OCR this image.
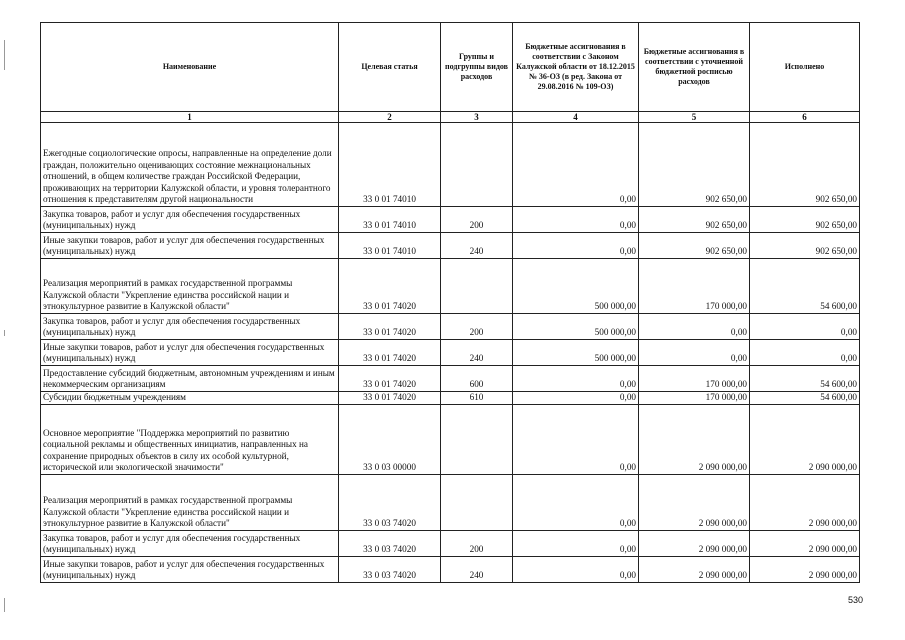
Наименование	Целевая статья	Группы и подгруппы видов расходов	Бюджетные ассигнования в соответствии с Законом Калужской области от 18.12.2015 № 36-ОЗ (в ред. Закона от 29.08.2016 № 109-ОЗ)	Бюджетные ассигнования в соответствии с уточненной бюджетной росписью расходов	Исполнено
1	2	3	4	5	6
Ежегодные социологические опросы, направленные на определение доли граждан, положительно оценивающих состояние межнациональных отношений, в общем количестве граждан Российской Федерации, проживающих на территории Калужской области, и уровня толерантного отношения к представителям другой национальности	33 0 01 74010		0,00	902 650,00	902 650,00
Закупка товаров, работ и услуг для обеспечения государственных (муниципальных) нужд	33 0 01 74010	200	0,00	902 650,00	902 650,00
Иные закупки товаров, работ и услуг для обеспечения государственных (муниципальных) нужд	33 0 01 74010	240	0,00	902 650,00	902 650,00
Реализация мероприятий в рамках государственной программы Калужской области "Укрепление единства российской нации и этнокультурное развитие в Калужской области"	33 0 01 74020		500 000,00	170 000,00	54 600,00
Закупка товаров, работ и услуг для обеспечения государственных (муниципальных) нужд	33 0 01 74020	200	500 000,00	0,00	0,00
Иные закупки товаров, работ и услуг для обеспечения государственных (муниципальных) нужд	33 0 01 74020	240	500 000,00	0,00	0,00
Предоставление субсидий бюджетным, автономным учреждениям и иным некоммерческим организациям	33 0 01 74020	600	0,00	170 000,00	54 600,00
Субсидии бюджетным учреждениям	33 0 01 74020	610	0,00	170 000,00	54 600,00
Основное мероприятие "Поддержка мероприятий по развитию социальной рекламы и общественных инициатив, направленных на сохранение природных объектов в силу их особой культурной, исторической или экологической значимости"	33 0 03 00000		0,00	2 090 000,00	2 090 000,00
Реализация мероприятий в рамках государственной программы Калужской области "Укрепление единства российской нации и этнокультурное развитие в Калужской области"	33 0 03 74020		0,00	2 090 000,00	2 090 000,00
Закупка товаров, работ и услуг для обеспечения государственных (муниципальных) нужд	33 0 03 74020	200	0,00	2 090 000,00	2 090 000,00
Иные закупки товаров, работ и услуг для обеспечения государственных (муниципальных) нужд	33 0 03 74020	240	0,00	2 090 000,00	2 090 000,00
530
